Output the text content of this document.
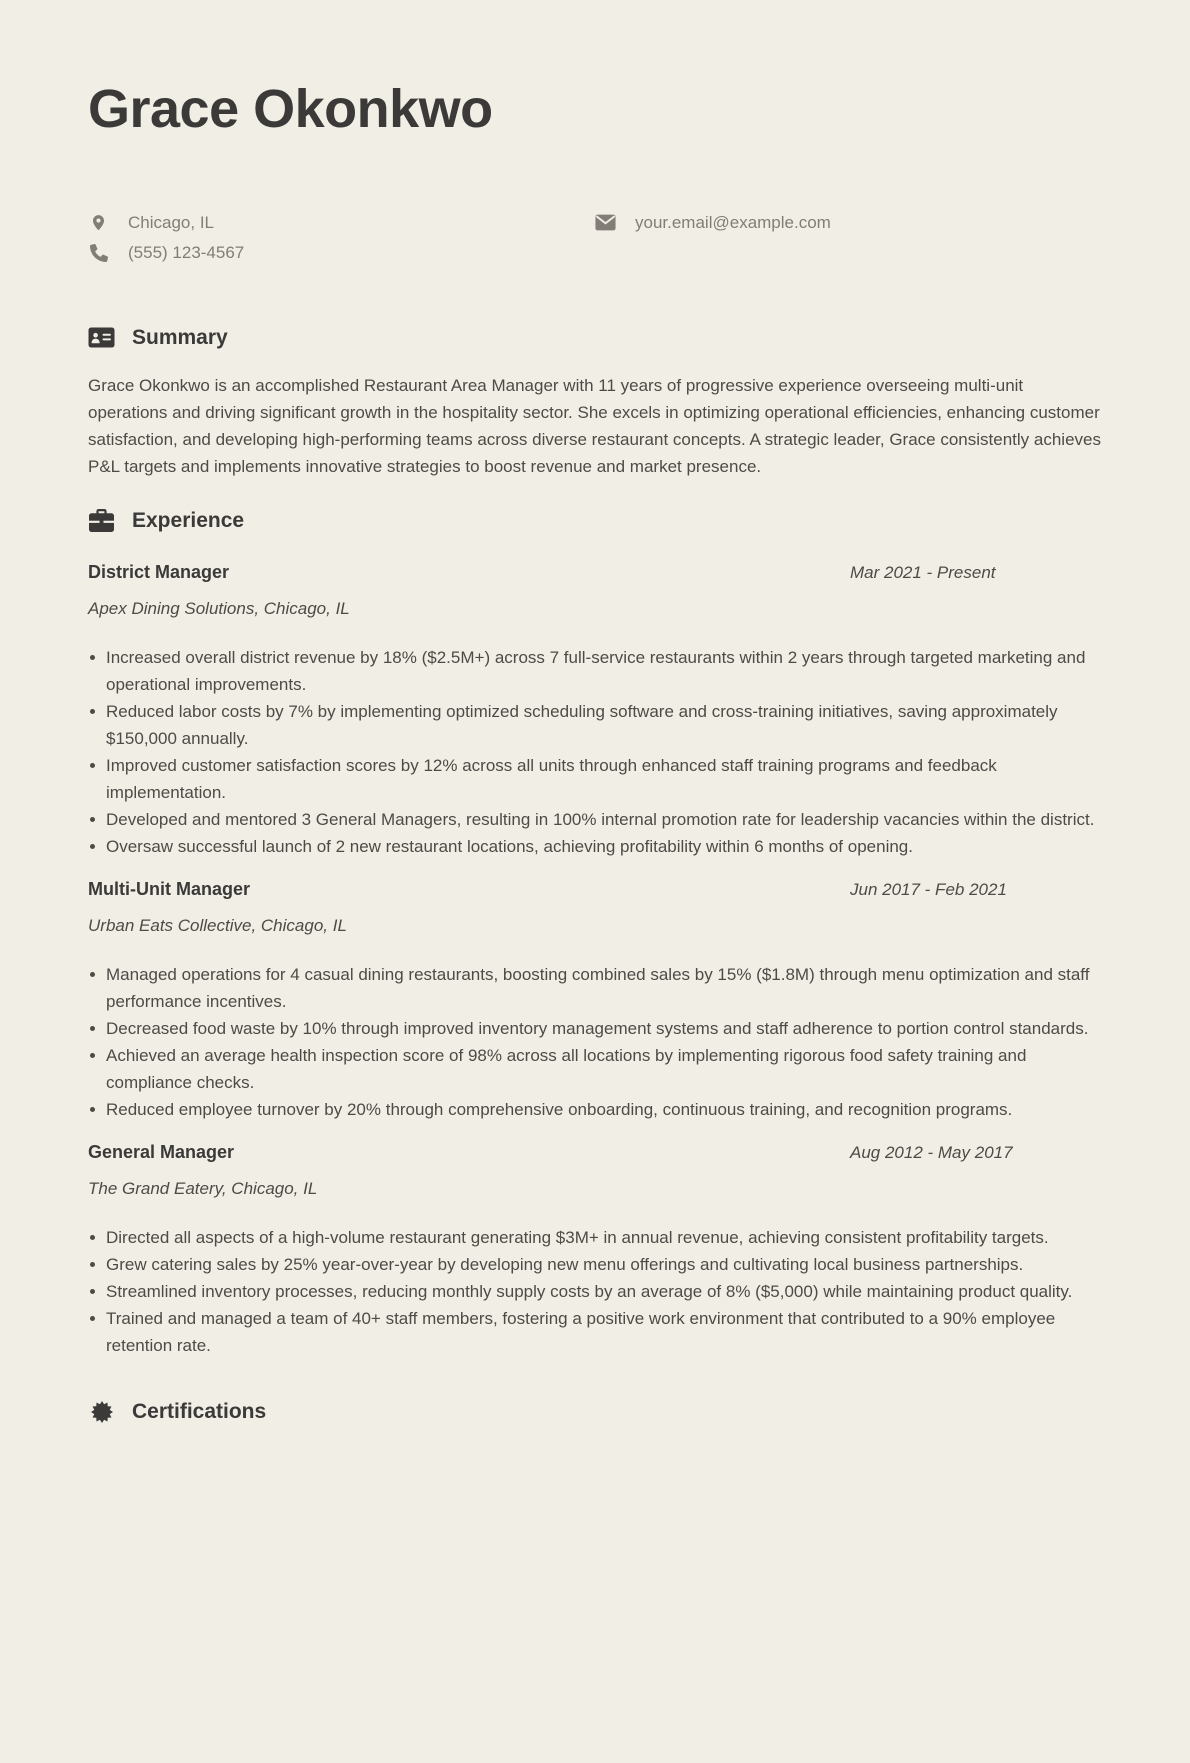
Grace Okonkwo
Chicago, IL	your.email@example.com
(555) 123-4567
Summary

Grace Okonkwo is an accomplished Restaurant Area Manager with 11 years of progressive experience overseeing multi-unit operations and driving significant growth in the hospitality sector. She excels in optimizing operational efficiencies, enhancing customer satisfaction, and developing high-performing teams across diverse restaurant concepts. A strategic leader, Grace consistently achieves P&L targets and implements innovative strategies to boost revenue and market presence.

Experience
District Manager	Mar 2021 - Present
Apex Dining Solutions, Chicago, IL
Increased overall district revenue by 18% ($2.5M+) across 7 full-service restaurants within 2 years through targeted marketing and operational improvements.
Reduced labor costs by 7% by implementing optimized scheduling software and cross-training initiatives, saving approximately $150,000 annually.
Improved customer satisfaction scores by 12% across all units through enhanced staff training programs and feedback implementation.
Developed and mentored 3 General Managers, resulting in 100% internal promotion rate for leadership vacancies within the district.
Oversaw successful launch of 2 new restaurant locations, achieving profitability within 6 months of opening.
Multi-Unit Manager	Jun 2017 - Feb 2021
Urban Eats Collective, Chicago, IL
Managed operations for 4 casual dining restaurants, boosting combined sales by 15% ($1.8M) through menu optimization and staff performance incentives.
Decreased food waste by 10% through improved inventory management systems and staff adherence to portion control standards.
Achieved an average health inspection score of 98% across all locations by implementing rigorous food safety training and compliance checks.
Reduced employee turnover by 20% through comprehensive onboarding, continuous training, and recognition programs.
General Manager	Aug 2012 - May 2017
The Grand Eatery, Chicago, IL
Directed all aspects of a high-volume restaurant generating $3M+ in annual revenue, achieving consistent profitability targets.
Grew catering sales by 25% year-over-year by developing new menu offerings and cultivating local business partnerships.
Streamlined inventory processes, reducing monthly supply costs by an average of 8% ($5,000) while maintaining product quality.
Trained and managed a team of 40+ staff members, fostering a positive work environment that contributed to a 90% employee retention rate.
Certifications
